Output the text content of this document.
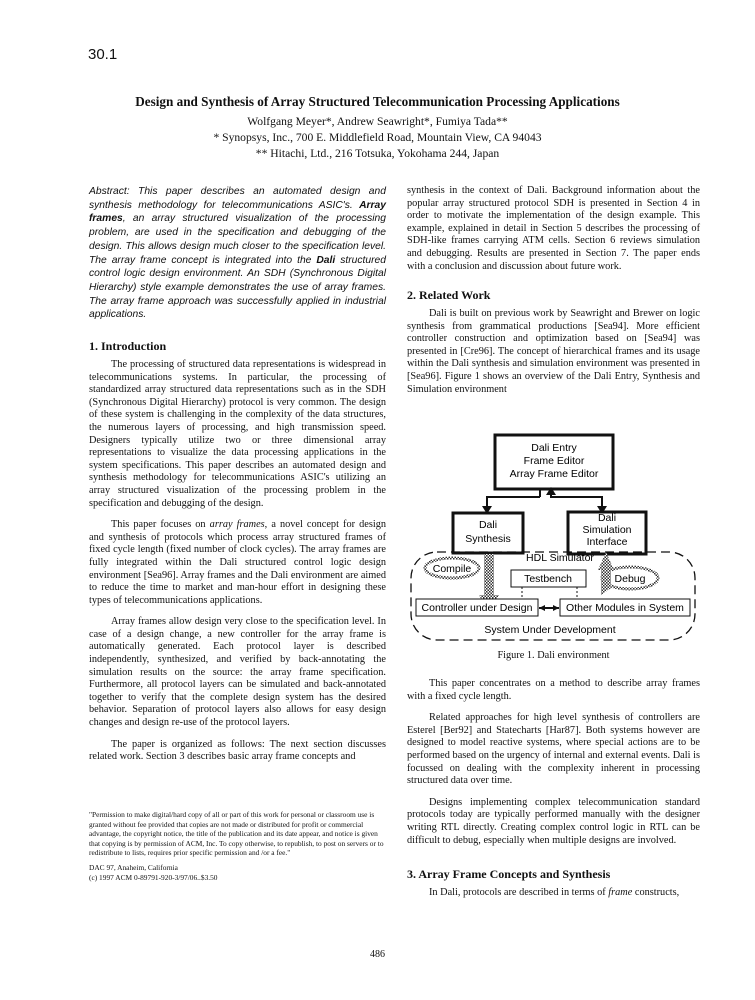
30.1
Design and Synthesis of Array Structured Telecommunication Processing Applications
Wolfgang Meyer*, Andrew Seawright*, Fumiya Tada**
* Synopsys, Inc., 700 E. Middlefield Road, Mountain View, CA 94043
** Hitachi, Ltd., 216 Totsuka, Yokohama 244, Japan
Abstract: This paper describes an automated design and synthesis methodology for telecommunications ASIC's. Array frames, an array structured visualization of the processing problem, are used in the specification and debugging of the design. This allows design much closer to the specification level. The array frame concept is integrated into the Dali structured control logic design environment. An SDH (Synchronous Digital Hierarchy) style example demonstrates the use of array frames. The array frame approach was successfully applied in industrial applications.
1. Introduction

The processing of structured data representations is widespread in telecommunications systems. In particular, the processing of standardized array structured data representations such as in the SDH (Synchronous Digital Hierarchy) protocol is very common. The design of these system is challenging in the complexity of the data structures, the numerous layers of processing, and high transmission speed. Designers typically utilize two or three dimensional array representations to visualize the data processing applications in the system specifications. This paper describes an automated design and synthesis methodology for telecommunications ASIC's utilizing an array structured visualization of the processing problem in the specification and debugging of the design.

This paper focuses on array frames, a novel concept for design and synthesis of protocols which process array structured frames of fixed cycle length (fixed number of clock cycles). The array frames are fully integrated within the Dali structured control logic design environment [Sea96]. Array frames and the Dali environment are aimed to reduce the time to market and man-hour effort in designing these types of telecommunications applications.

Array frames allow design very close to the specification level. In case of a design change, a new controller for the array frame is automatically generated. Each protocol layer is described independently, synthesized, and verified by back-annotating the simulation results on the source: the array frame specification. Furthermore, all protocol layers can be simulated and back-annotated together to verify that the complete design system has the desired behavior. Separation of protocol layers also allows for easy design changes and design re-use of the protocol layers.

The paper is organized as follows: The next section discusses related work. Section 3 describes basic array frame concepts and

"Permission to make digital/hard copy of all or part of this work for personal or classroom use is granted without fee provided that copies are not made or distributed for profit or commercial advantage, the copyright notice, the title of the publication and its date appear, and notice is given that copying is by permission of ACM, Inc. To copy otherwise, to republish, to post on servers or to redistribute to lists, requires prior specific permission and /or a fee."
DAC 97, Anaheim, California
(c) 1997 ACM 0-89791-920-3/97/06..$3.50
synthesis in the context of Dali. Background information about the popular array structured protocol SDH is presented in Section 4 in order to motivate the implementation of the design example. This example, explained in detail in Section 5 describes the processing of SDH-like frames carrying ATM cells. Section 6 reviews simulation and debugging. Results are presented in Section 7. The paper ends with a conclusion and discussion about future work.
2. Related Work

Dali is built on previous work by Seawright and Brewer on logic synthesis from grammatical productions [Sea94]. More efficient controller construction and optimization based on [Sea94] was presented in [Cre96]. The concept of hierarchical frames and its usage within the Dali synthesis and simulation environment was presented in [Sea96]. Figure 1 shows an overview of the Dali Entry, Synthesis and Simulation environment

Dali Entry
Frame Editor
Array Frame Editor
Dali
Synthesis
Dali
Simulation
Interface
HDL Simulator
Compile
Debug
Testbench
Controller under Design	Other Modules in System
System Under Development
Figure 1. Dali environment

This paper concentrates on a method to describe array frames with a fixed cycle length.

Related approaches for high level synthesis of controllers are Esterel [Ber92] and Statecharts [Har87]. Both systems however are designed to model reactive systems, where special actions are to be performed based on the urgency of internal and external events. Dali is focussed on dealing with the complexity inherent in processing structured data over time.

Designs implementing complex telecommunication standard protocols today are typically performed manually with the designer writing RTL directly. Creating complex control logic in RTL can be difficult to debug, especially when multiple designs are involved.

3. Array Frame Concepts and Synthesis

In Dali, protocols are described in terms of frame constructs,

486
